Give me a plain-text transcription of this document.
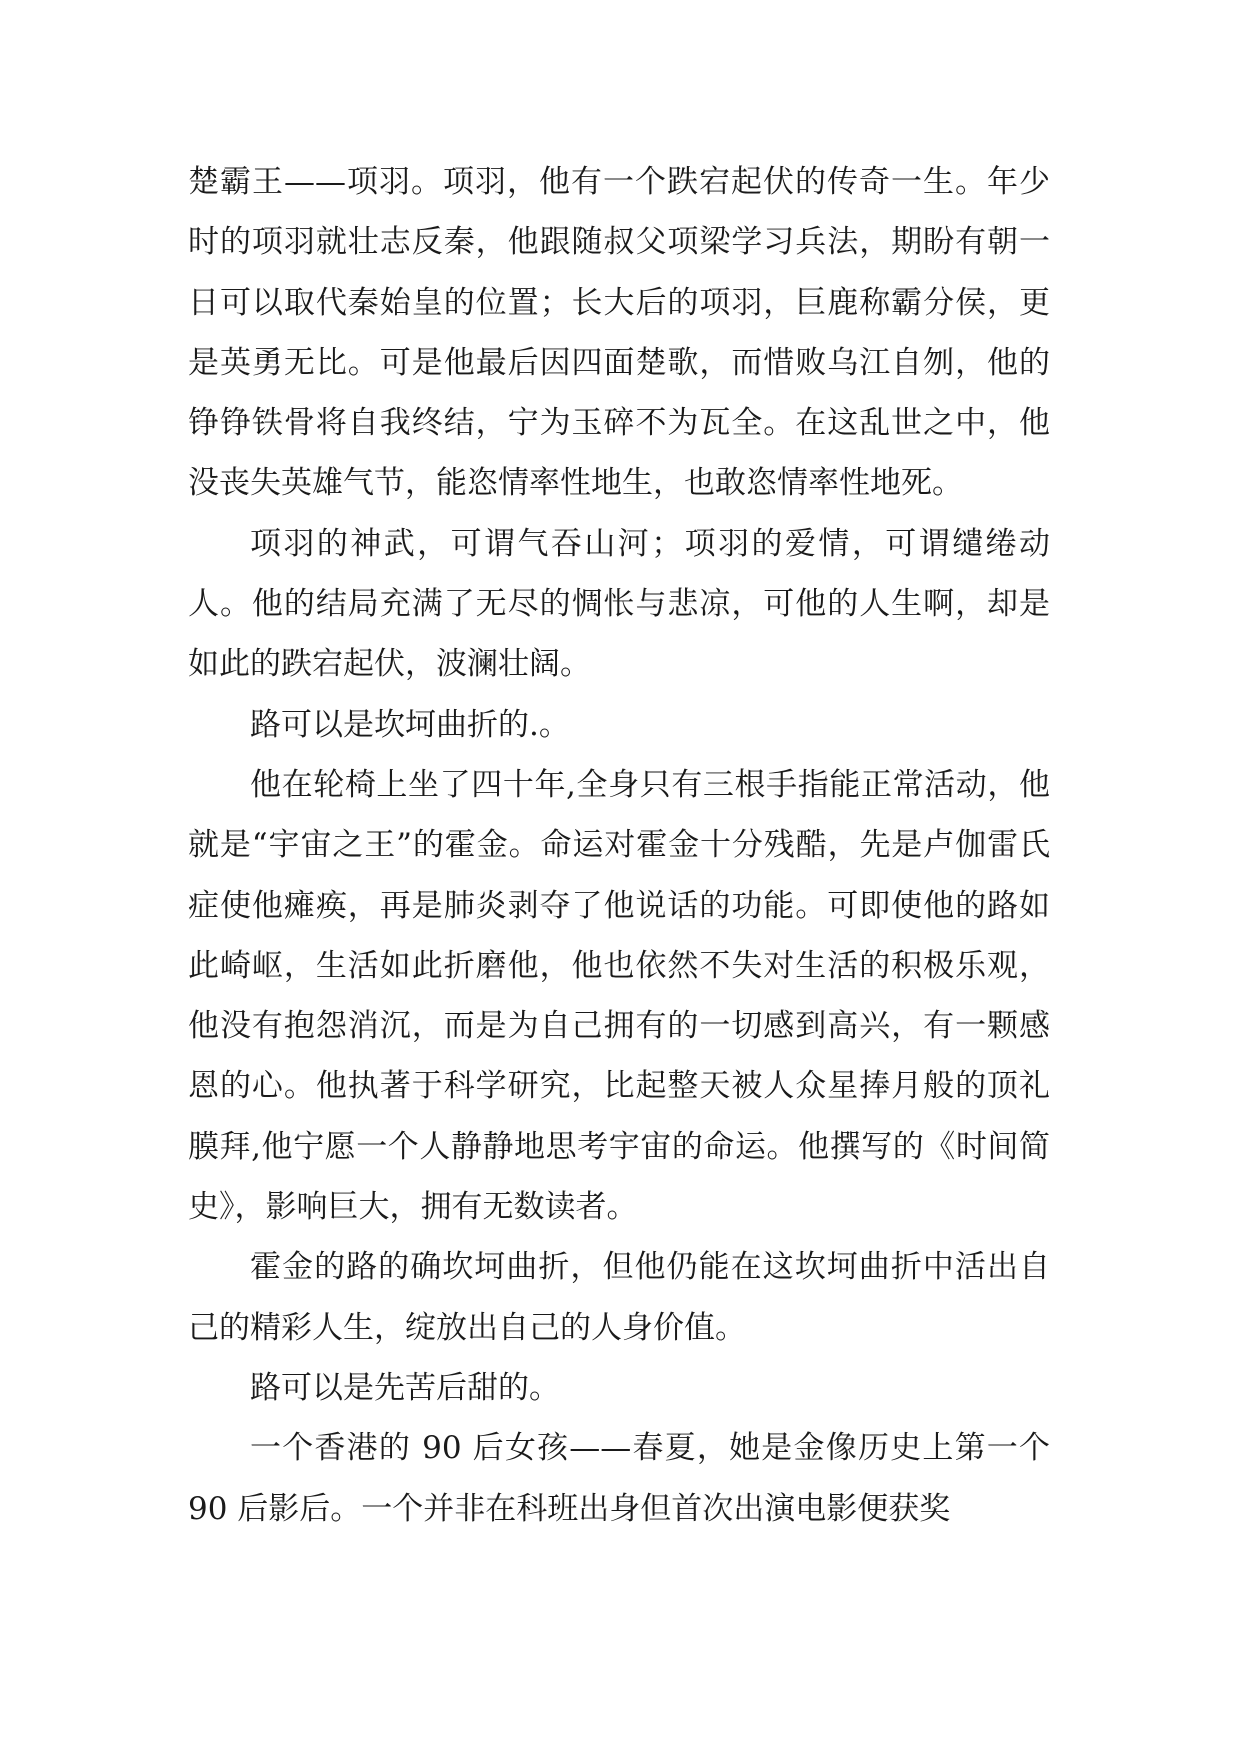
楚霸王——项羽。项羽，他有一个跌宕起伏的传奇一生。年少时的项羽就壮志反秦，他跟随叔父项梁学习兵法，期盼有朝一日可以取代秦始皇的位置；长大后的项羽，巨鹿称霸分侯，更是英勇无比。可是他最后因四面楚歌，而惜败乌江自刎，他的铮铮铁骨将自我终结，宁为玉碎不为瓦全。在这乱世之中，他没丧失英雄气节，能恣情率性地生，也敢恣情率性地死。

项羽的神武，可谓气吞山河；项羽的爱情，可谓缱绻动人。他的结局充满了无尽的惆怅与悲凉，可他的人生啊，却是如此的跌宕起伏，波澜壮阔。

路可以是坎坷曲折的.。

他在轮椅上坐了四十年,全身只有三根手指能正常活动，他就是“宇宙之王”的霍金。命运对霍金十分残酷，先是卢伽雷氏症使他瘫痪，再是肺炎剥夺了他说话的功能。可即使他的路如此崎岖，生活如此折磨他，他也依然不失对生活的积极乐观，他没有抱怨消沉，而是为自己拥有的一切感到高兴，有一颗感恩的心。他执著于科学研究，比起整天被人众星捧月般的顶礼膜拜,他宁愿一个人静静地思考宇宙的命运。他撰写的《时间简史》，影响巨大，拥有无数读者。

霍金的路的确坎坷曲折，但他仍能在这坎坷曲折中活出自己的精彩人生，绽放出自己的人身价值。

路可以是先苦后甜的。

一个香港的 90 后女孩——春夏，她是金像历史上第一个 90 后影后。一个并非在科班出身但首次出演电影便获奖
